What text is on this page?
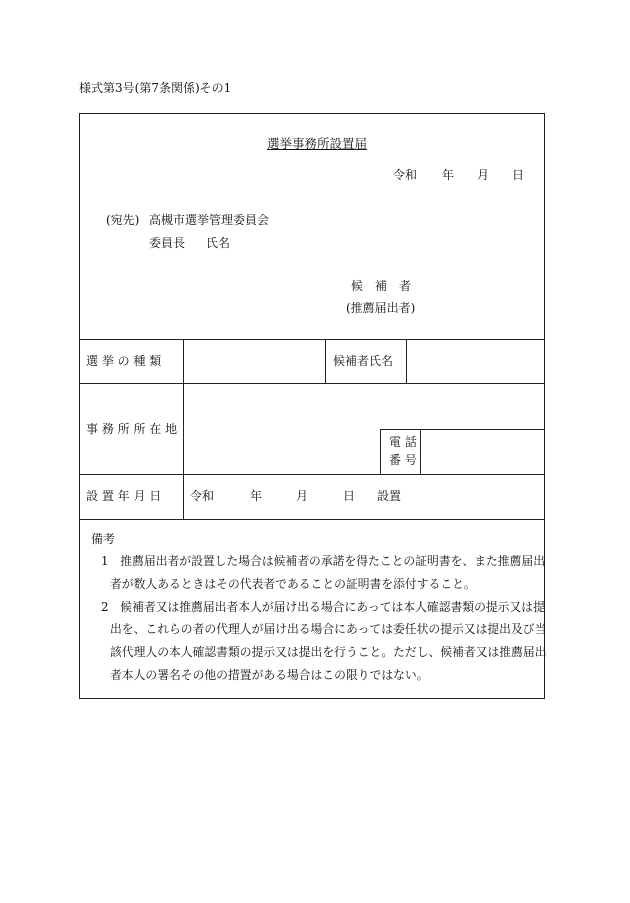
様式第3号(第7条関係)その1
選挙事務所設置届
令和 年 月 日
(宛先) 高槻市選挙管理委員会
委員長 氏名
候　補　者
(推薦届出者)
選 挙 の 種 類	候補者氏名
事 務 所 所 在 地
電 話
番 号
設 置 年 月 日 令和	年	月	日 設置
備考
1　推薦届出者が設置した場合は候補者の承諾を得たことの証明書を、また推薦届出
者が数人あるときはその代表者であることの証明書を添付すること。
2　候補者又は推薦届出者本人が届け出る場合にあっては本人確認書類の提示又は提
出を、これらの者の代理人が届け出る場合にあっては委任状の提示又は提出及び当
該代理人の本人確認書類の提示又は提出を行うこと。ただし、候補者又は推薦届出
者本人の署名その他の措置がある場合はこの限りではない。
